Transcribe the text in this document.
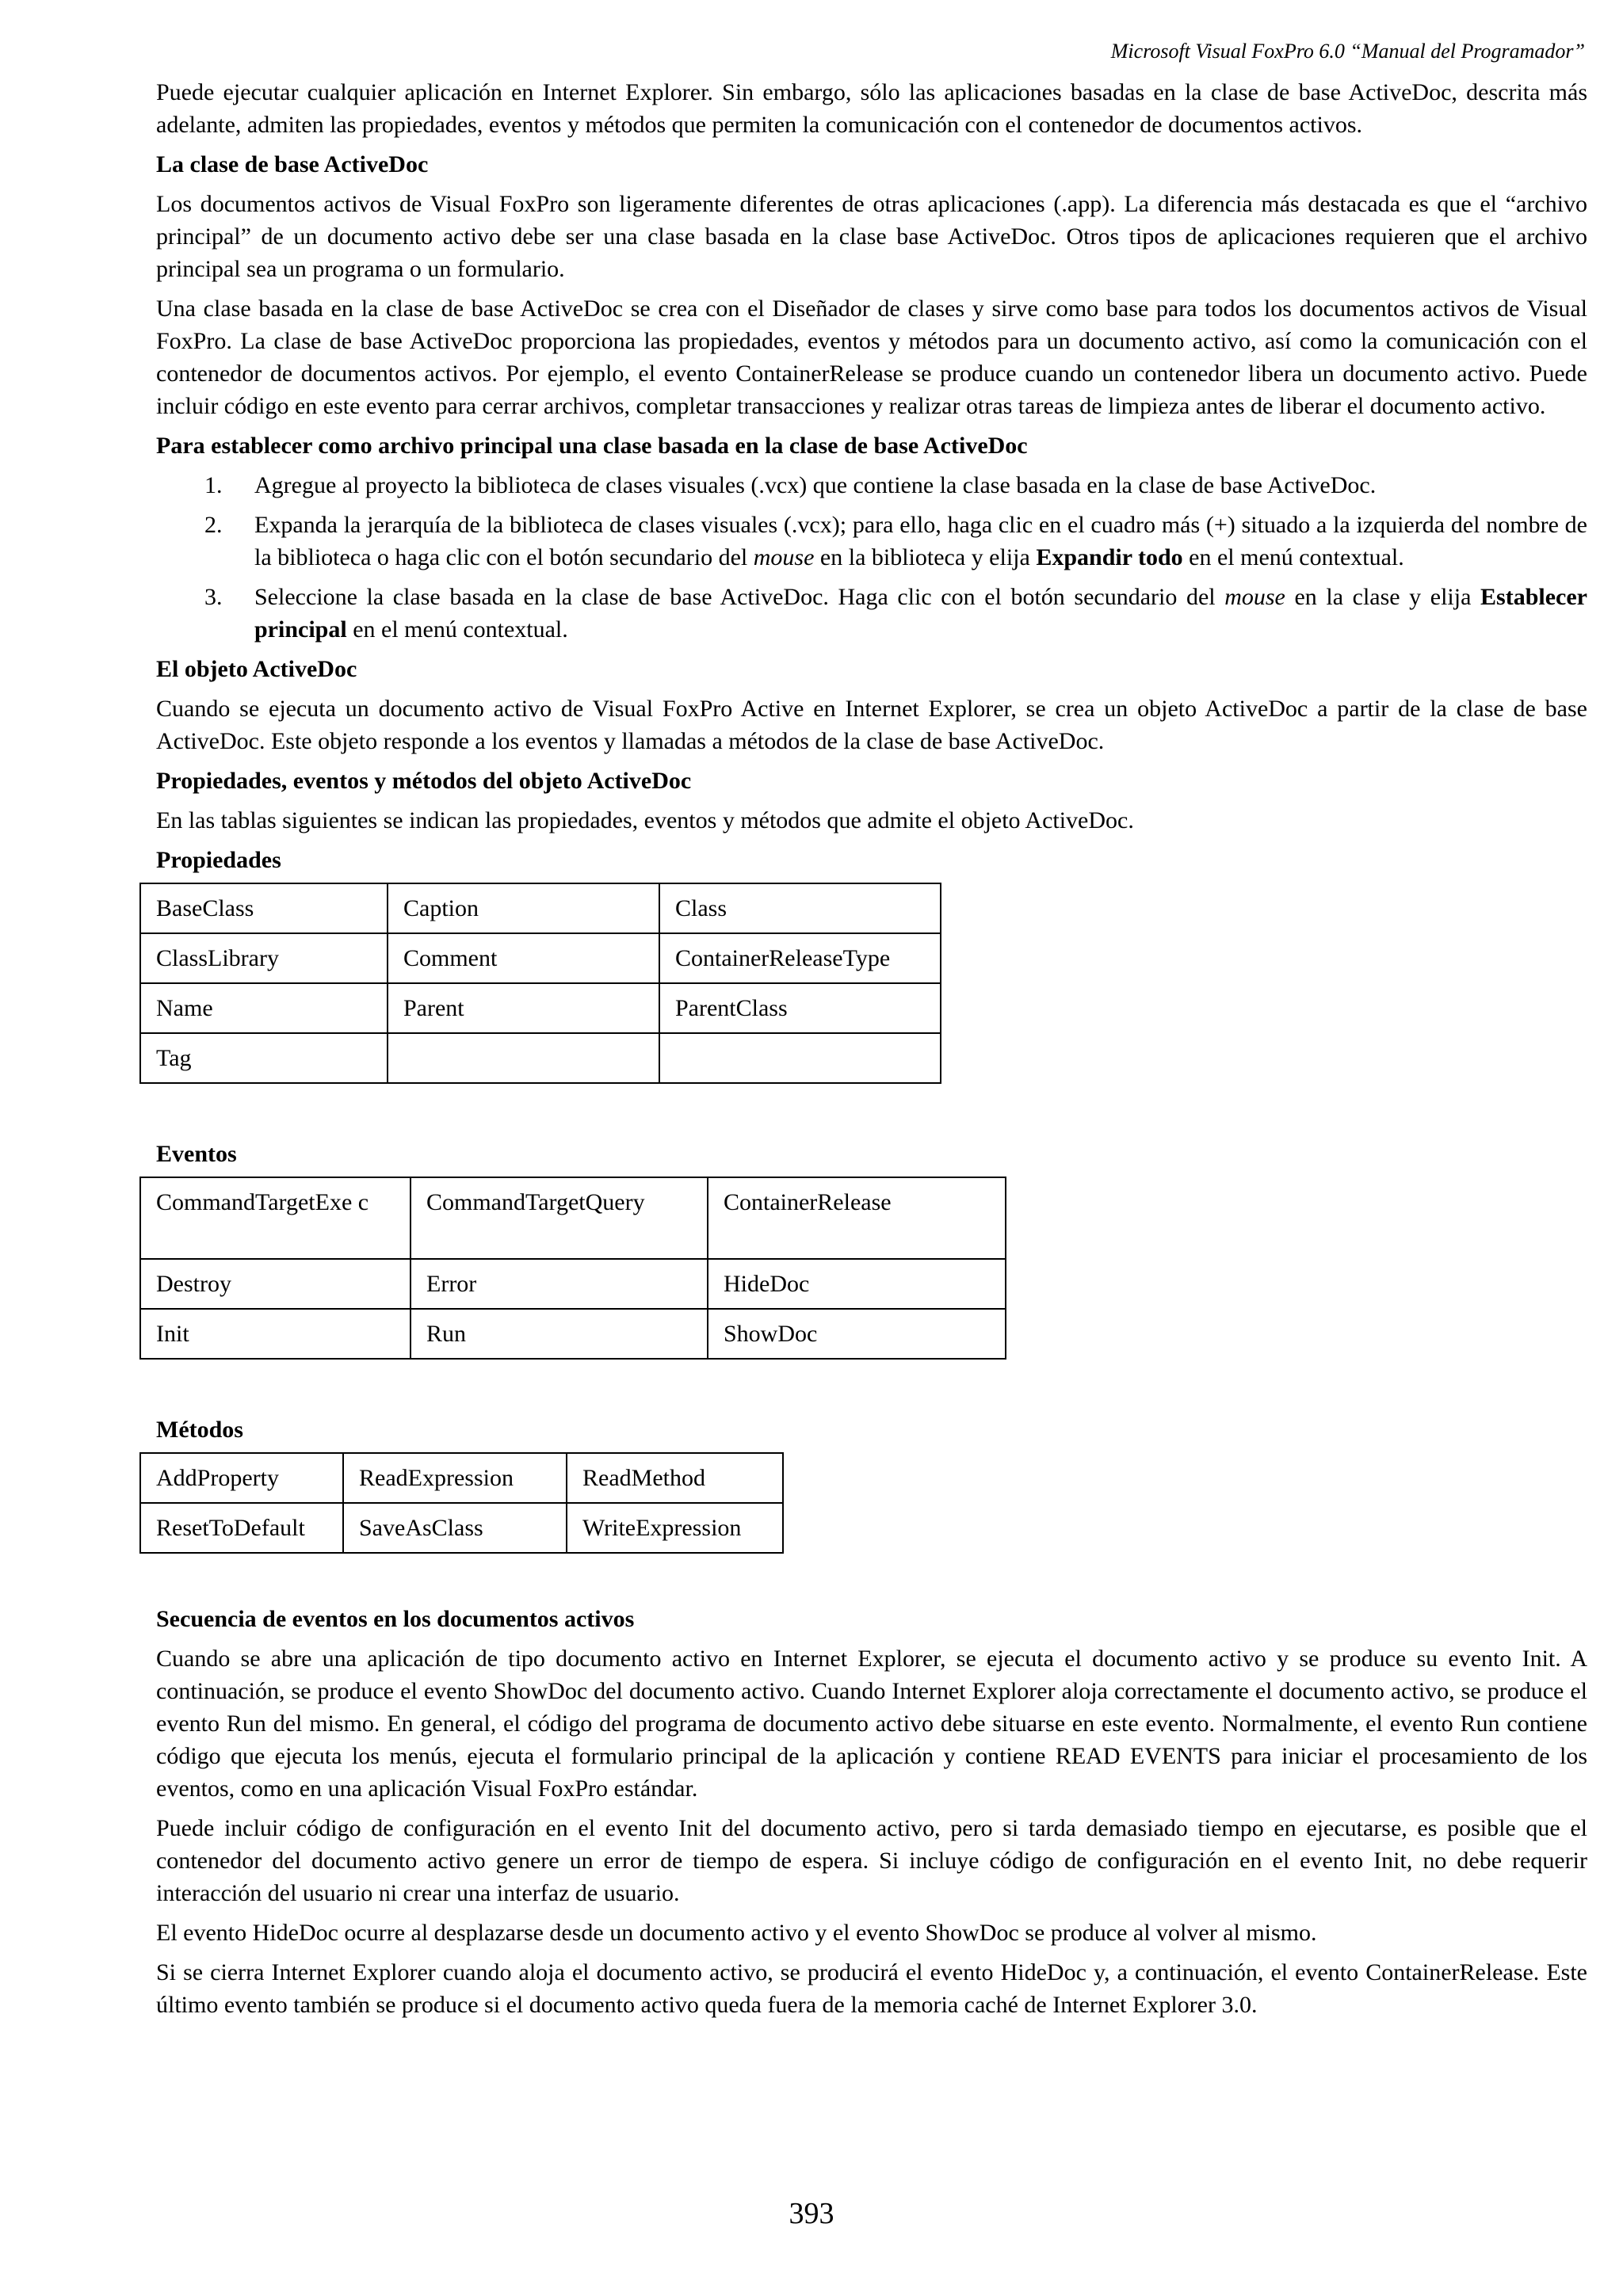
Microsoft Visual FoxPro 6.0 “Manual del Programador”

Puede ejecutar cualquier aplicación en Internet Explorer. Sin embargo, sólo las aplicaciones basadas en la clase de base ActiveDoc, descrita más adelante, admiten las propiedades, eventos y métodos que permiten la comunicación con el contenedor de documentos activos.

La clase de base ActiveDoc

Los documentos activos de Visual FoxPro son ligeramente diferentes de otras aplicaciones (.app). La diferencia más destacada es que el “archivo principal” de un documento activo debe ser una clase basada en la clase base ActiveDoc. Otros tipos de aplicaciones requieren que el archivo principal sea un programa o un formulario.

Una clase basada en la clase de base ActiveDoc se crea con el Diseñador de clases y sirve como base para todos los documentos activos de Visual FoxPro. La clase de base ActiveDoc proporciona las propiedades, eventos y métodos para un documento activo, así como la comunicación con el contenedor de documentos activos. Por ejemplo, el evento ContainerRelease se produce cuando un contenedor libera un documento activo. Puede incluir código en este evento para cerrar archivos, completar transacciones y realizar otras tareas de limpieza antes de liberar el documento activo.

Para establecer como archivo principal una clase basada en la clase de base ActiveDoc
1. Agregue al proyecto la biblioteca de clases visuales (.vcx) que contiene la clase basada en la clase de base ActiveDoc.
2. Expanda la jerarquía de la biblioteca de clases visuales (.vcx); para ello, haga clic en el cuadro más (+) situado a la izquierda del nombre de la biblioteca o haga clic con el botón secundario del mouse en la biblioteca y elija Expandir todo en el menú contextual.
3. Seleccione la clase basada en la clase de base ActiveDoc. Haga clic con el botón secundario del mouse en la clase y elija Establecer principal en el menú contextual.
El objeto ActiveDoc

Cuando se ejecuta un documento activo de Visual FoxPro Active en Internet Explorer, se crea un objeto ActiveDoc a partir de la clase de base ActiveDoc. Este objeto responde a los eventos y llamadas a métodos de la clase de base ActiveDoc.

Propiedades, eventos y métodos del objeto ActiveDoc

En las tablas siguientes se indican las propiedades, eventos y métodos que admite el objeto ActiveDoc.

Propiedades
BaseClass	Caption	Class
ClassLibrary	Comment	ContainerReleaseType
Name	Parent	ParentClass
Tag		
Eventos
CommandTargetExe c	CommandTargetQuery	ContainerRelease
Destroy	Error	HideDoc
Init	Run	ShowDoc
Métodos
AddProperty	ReadExpression	ReadMethod
ResetToDefault	SaveAsClass	WriteExpression
Secuencia de eventos en los documentos activos

Cuando se abre una aplicación de tipo documento activo en Internet Explorer, se ejecuta el documento activo y se produce su evento Init. A continuación, se produce el evento ShowDoc del documento activo. Cuando Internet Explorer aloja correctamente el documento activo, se produce el evento Run del mismo. En general, el código del programa de documento activo debe situarse en este evento. Normalmente, el evento Run contiene código que ejecuta los menús, ejecuta el formulario principal de la aplicación y contiene READ EVENTS para iniciar el procesamiento de los eventos, como en una aplicación Visual FoxPro estándar.

Puede incluir código de configuración en el evento Init del documento activo, pero si tarda demasiado tiempo en ejecutarse, es posible que el contenedor del documento activo genere un error de tiempo de espera. Si incluye código de configuración en el evento Init, no debe requerir interacción del usuario ni crear una interfaz de usuario.

El evento HideDoc ocurre al desplazarse desde un documento activo y el evento ShowDoc se produce al volver al mismo.

Si se cierra Internet Explorer cuando aloja el documento activo, se producirá el evento HideDoc y, a continuación, el evento ContainerRelease. Este último evento también se produce si el documento activo queda fuera de la memoria caché de Internet Explorer 3.0.

393
